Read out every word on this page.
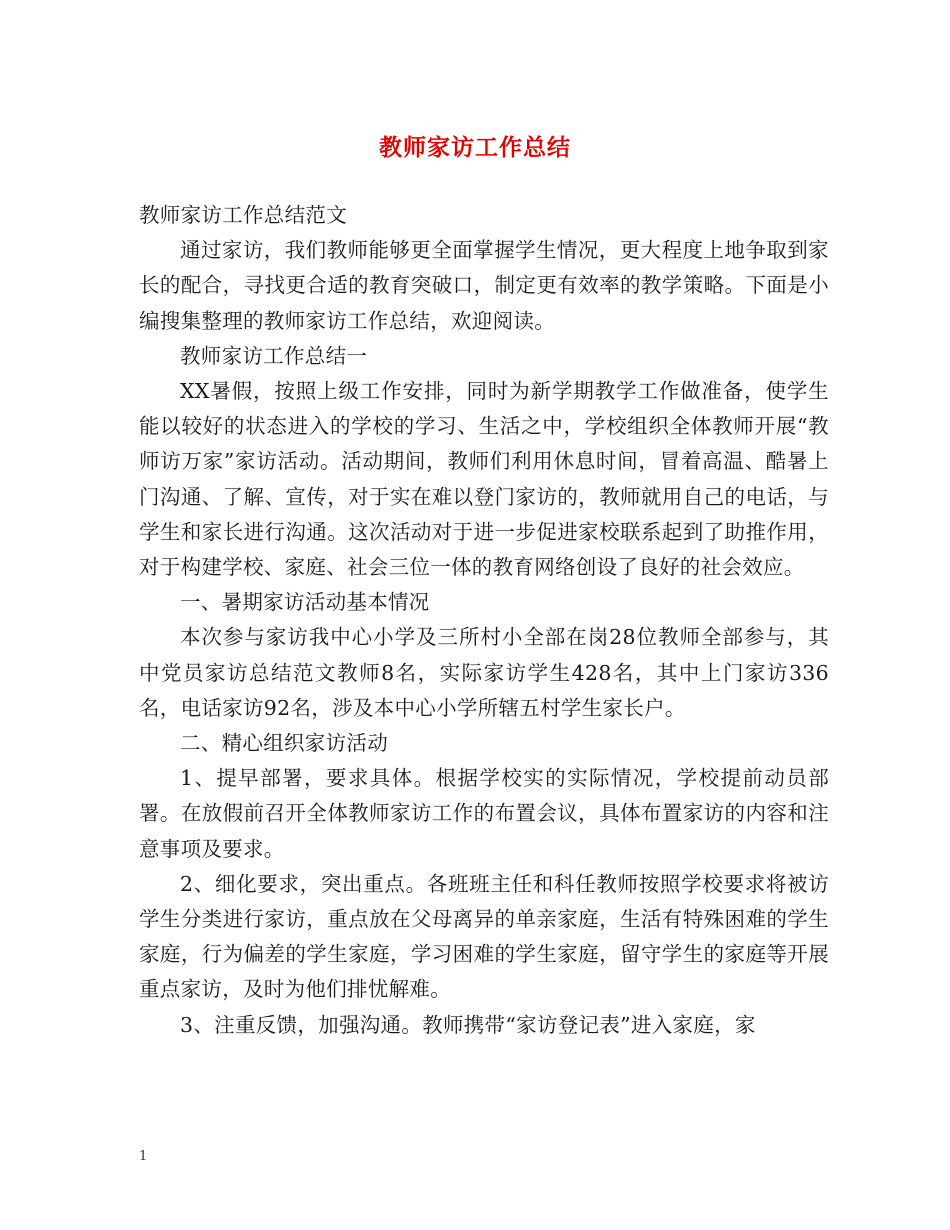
教师家访工作总结

教师家访工作总结范文

通过家访，我们教师能够更全面掌握学生情况，更大程度上地争取到家长的配合，寻找更合适的教育突破口，制定更有效率的教学策略。下面是小编搜集整理的教师家访工作总结，欢迎阅读。

教师家访工作总结一

XX暑假，按照上级工作安排，同时为新学期教学工作做准备，使学生能以较好的状态进入的学校的学习、生活之中，学校组织全体教师开展“教师访万家”家访活动。活动期间，教师们利用休息时间，冒着高温、酷暑上门沟通、了解、宣传，对于实在难以登门家访的，教师就用自己的电话，与学生和家长进行沟通。这次活动对于进一步促进家校联系起到了助推作用，对于构建学校、家庭、社会三位一体的教育网络创设了良好的社会效应。

一、暑期家访活动基本情况

本次参与家访我中心小学及三所村小全部在岗28位教师全部参与，其中党员家访总结范文教师8名，实际家访学生428名，其中上门家访336名，电话家访92名，涉及本中心小学所辖五村学生家长户。

二、精心组织家访活动

1、提早部署，要求具体。根据学校实的实际情况，学校提前动员部署。在放假前召开全体教师家访工作的布置会议，具体布置家访的内容和注意事项及要求。

2、细化要求，突出重点。各班班主任和科任教师按照学校要求将被访学生分类进行家访，重点放在父母离异的单亲家庭，生活有特殊困难的学生家庭，行为偏差的学生家庭，学习困难的学生家庭，留守学生的家庭等开展重点家访，及时为他们排忧解难。

3、注重反馈，加强沟通。教师携带“家访登记表”进入家庭，家

1
